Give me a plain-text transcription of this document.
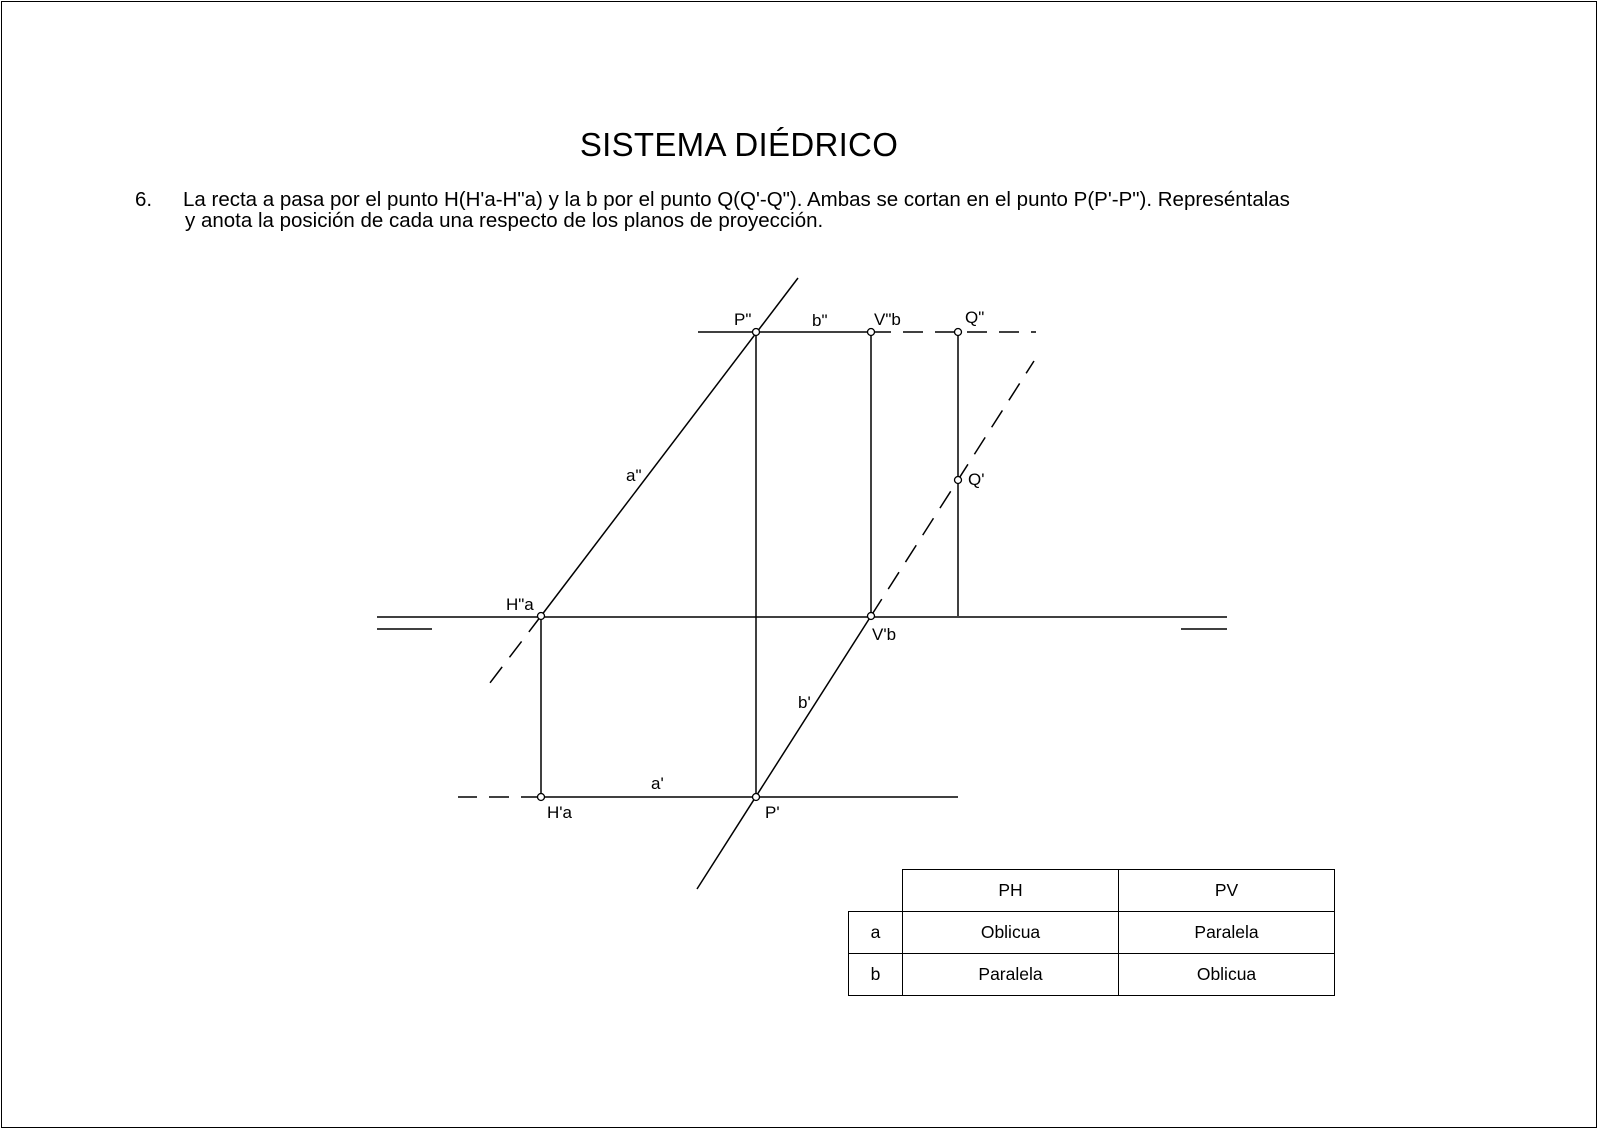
SISTEMA DIÉDRICO
6. La recta a pasa por el punto H(H'a-H"a) y la b por el punto Q(Q'-Q"). Ambas se cortan en el punto P(P'-P"). Represéntalas
y anota la posición de cada una respecto de los planos de proyección.
P"	b"	V"b	Q"
a"	Q'
H"a
V'b
b'
a'
H'a	P'
	PH	PV
a	Oblicua	Paralela
b	Paralela	Oblicua
